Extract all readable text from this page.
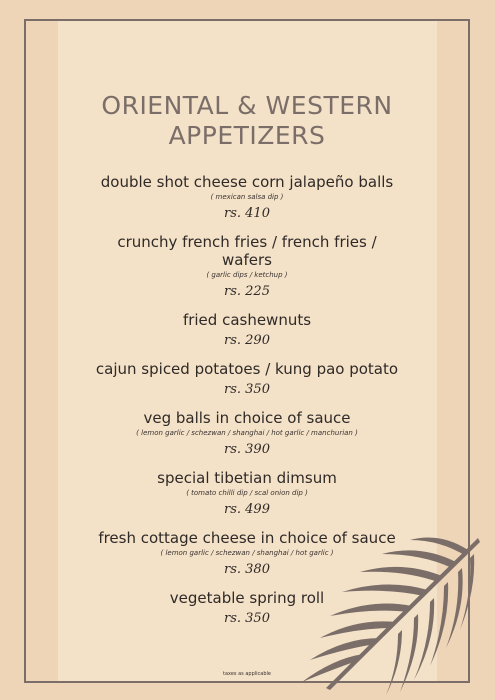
ORIENTAL & WESTERN
APPETIZERS
double shot cheese corn jalapeño balls
( mexican salsa dip )
rs. 410
crunchy french fries / french fries / wafers
( garlic dips / ketchup )
rs. 225
fried cashewnuts
rs. 290
cajun spiced potatoes / kung pao potato
rs. 350
veg balls in choice of sauce
( lemon garlic / schezwan / shanghai / hot garlic / manchurian )
rs. 390
special tibetian dimsum
( tomato chilli dip / scal onion dip )
rs. 499
fresh cottage cheese in choice of sauce
( lemon garlic / schezwan / shanghai / hot garlic )
rs. 380
vegetable spring roll
rs. 350
taxes as applicable
